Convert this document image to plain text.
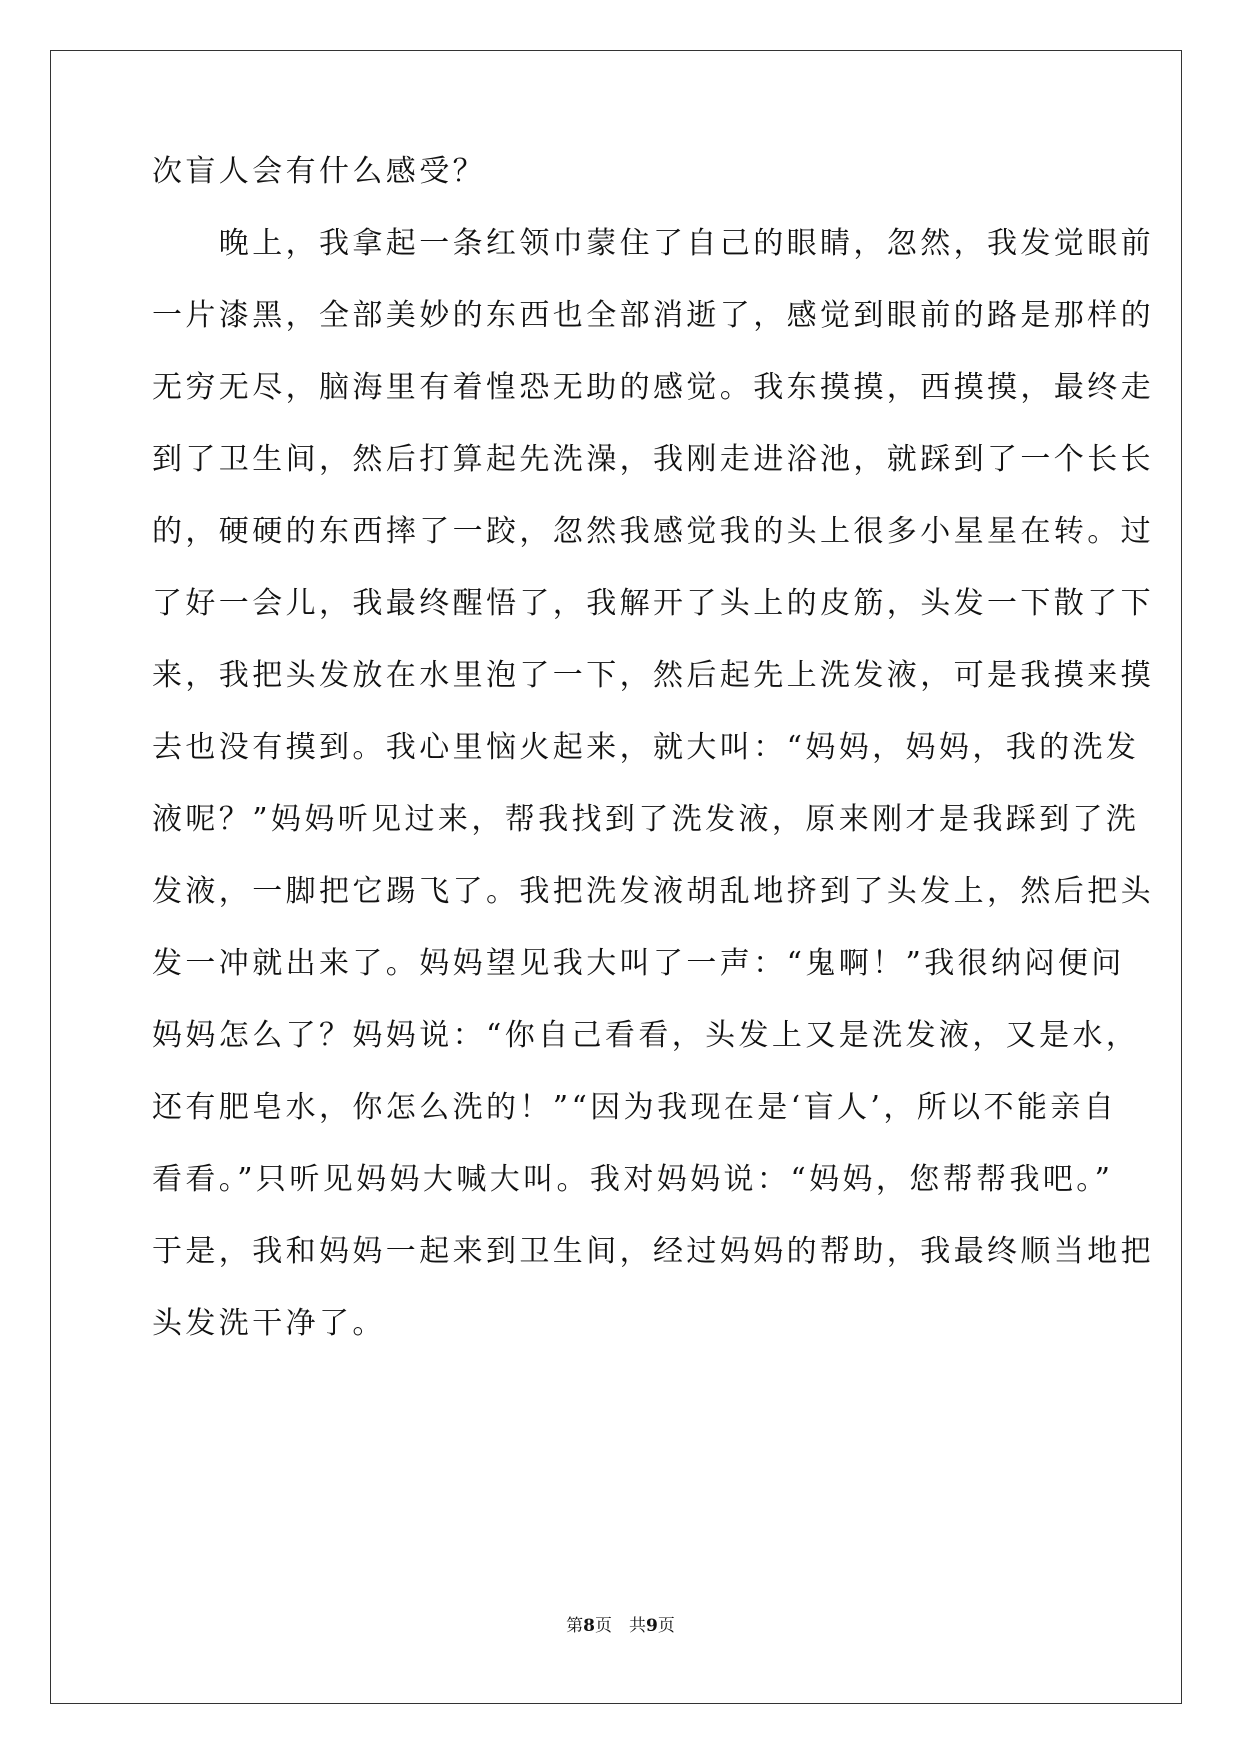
次盲人会有什么感受？
　　晚上，我拿起一条红领巾蒙住了自己的眼睛，忽然，我发觉眼前
一片漆黑，全部美妙的东西也全部消逝了，感觉到眼前的路是那样的
无穷无尽，脑海里有着惶恐无助的感觉。我东摸摸，西摸摸，最终走
到了卫生间，然后打算起先洗澡，我刚走进浴池，就踩到了一个长长
的，硬硬的东西摔了一跤，忽然我感觉我的头上很多小星星在转。过
了好一会儿，我最终醒悟了，我解开了头上的皮筋，头发一下散了下
来，我把头发放在水里泡了一下，然后起先上洗发液，可是我摸来摸
去也没有摸到。我心里恼火起来，就大叫：“妈妈，妈妈，我的洗发
液呢？”妈妈听见过来，帮我找到了洗发液，原来刚才是我踩到了洗
发液，一脚把它踢飞了。我把洗发液胡乱地挤到了头发上，然后把头
发一冲就出来了。妈妈望见我大叫了一声：“鬼啊！”我很纳闷便问
妈妈怎么了？妈妈说：“你自己看看，头发上又是洗发液，又是水，
还有肥皂水，你怎么洗的！”“因为我现在是‘盲人’，所以不能亲自
看看。”只听见妈妈大喊大叫。我对妈妈说：“妈妈，您帮帮我吧。”
于是，我和妈妈一起来到卫生间，经过妈妈的帮助，我最终顺当地把
头发洗干净了。
第8页　共9页
